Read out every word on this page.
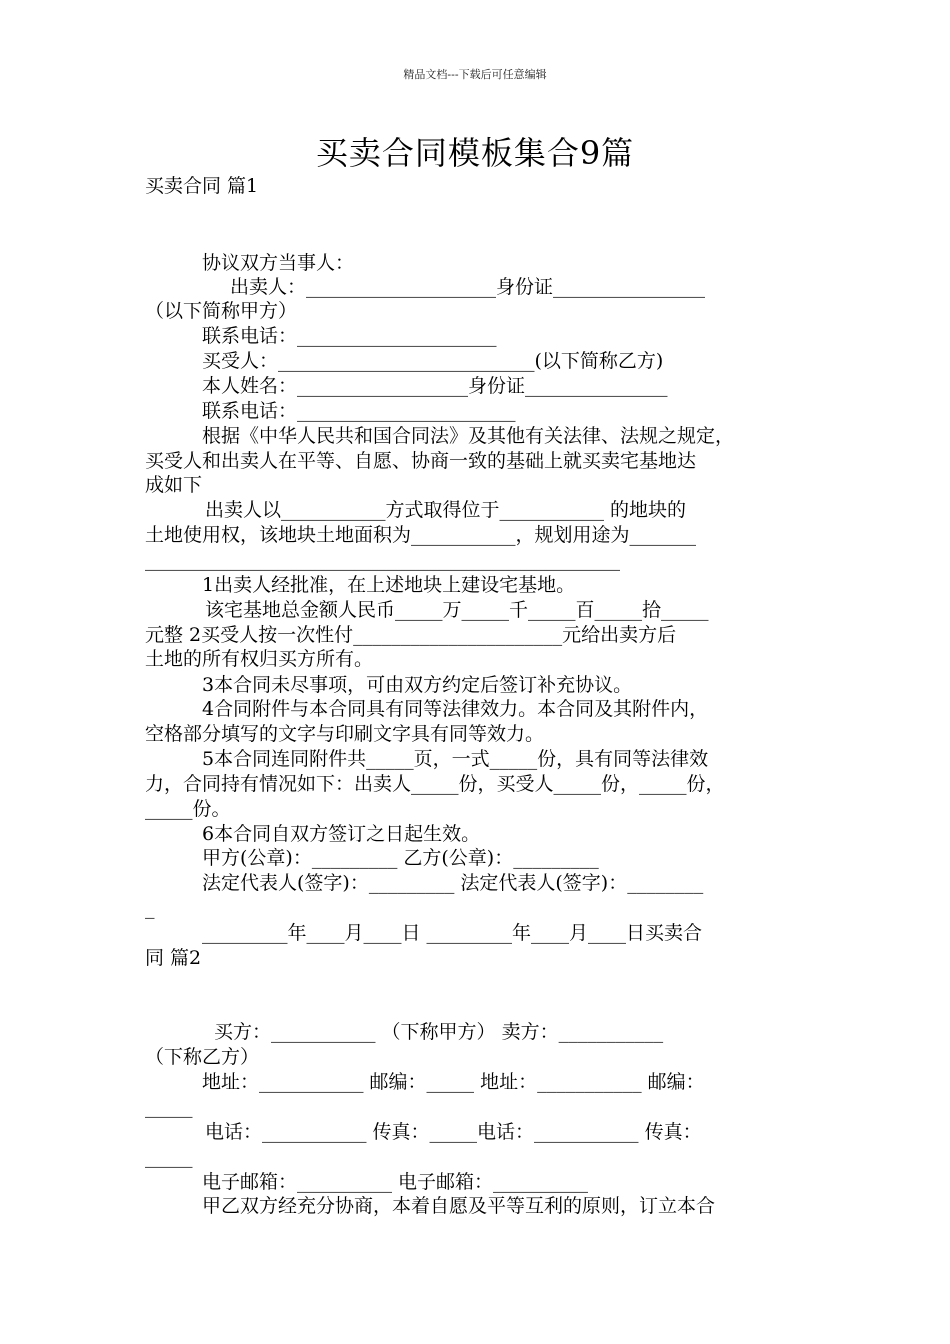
精品文档---下载后可任意编辑
买卖合同模板集合9篇
买卖合同 篇1
协议双方当事人：
出卖人：____________________身份证________________
（以下简称甲方）
联系电话：_____________________
买受人：___________________________(以下简称乙方)
本人姓名：__________________身份证_______________
联系电话：_______________________
根据《中华人民共和国合同法》及其他有关法律、法规之规定，
买受人和出卖人在平等、自愿、协商一致的基础上就买卖宅基地达
成如下
出卖人以___________方式取得位于___________ 的地块的
土地使用权，该地块土地面积为___________，规划用途为_______
__________________________________________________
1出卖人经批准，在上述地块上建设宅基地。
该宅基地总金额人民币_____万_____千_____百_____拾_____
元整 2买受人按一次性付______________________元给出卖方后
土地的所有权归买方所有。
3本合同未尽事项，可由双方约定后签订补充协议。
4合同附件与本合同具有同等法律效力。本合同及其附件内，
空格部分填写的文字与印刷文字具有同等效力。
5本合同连同附件共_____页，一式_____份，具有同等法律效
力，合同持有情况如下：出卖人_____份，买受人_____份，_____份，
_____份。
6本合同自双方签订之日起生效。
甲方(公章)：_________ 乙方(公章)：_________
法定代表人(签字)：_________ 法定代表人(签字)：________
_
_________年____月____日 _________年____月____日买卖合
同 篇2
买方：___________ （下称甲方） 卖方：___________
（下称乙方）
地址：___________ 邮编：_____ 地址：___________ 邮编：
_____
电话：___________ 传真：_____电话：___________ 传真：
_____
电子邮箱：__________ 电子邮箱：__________
甲乙双方经充分协商，本着自愿及平等互利的原则，订立本合
